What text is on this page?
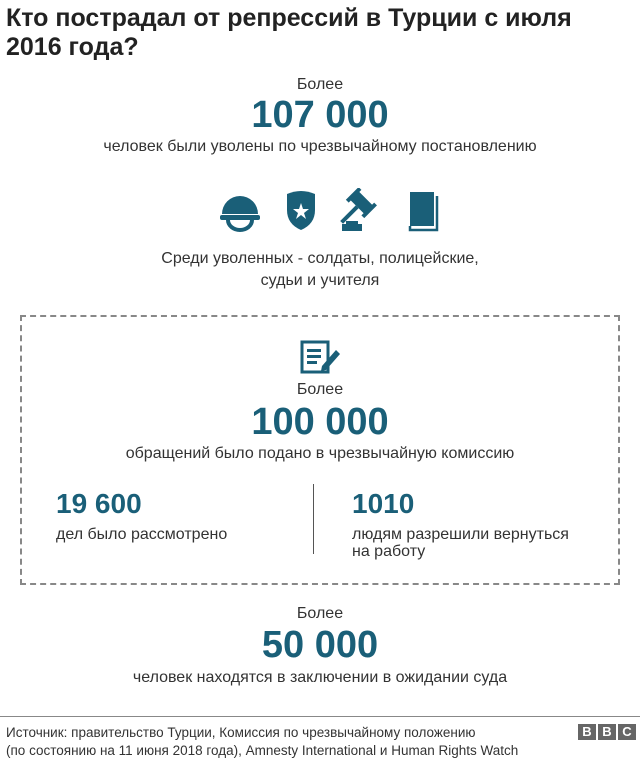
Кто пострадал от репрессий в Турции с июля 2016 года?
Более
107 000
человек были уволены по чрезвычайному постановлению
Среди уволенных - солдаты, полицейские,
судьи и учителя
Более
100 000
обращений было подано в чрезвычайную комиссию
19 600
дел было рассмотрено
1010
людям разрешили вернуться
на работу
Более
50 000
человек находятся в заключении в ожидании суда
Источник: правительство Турции, Комиссия по чрезвычайному положению
(по состоянию на 11 июня 2018 года), Amnesty International и Human Rights Watch
B B C
